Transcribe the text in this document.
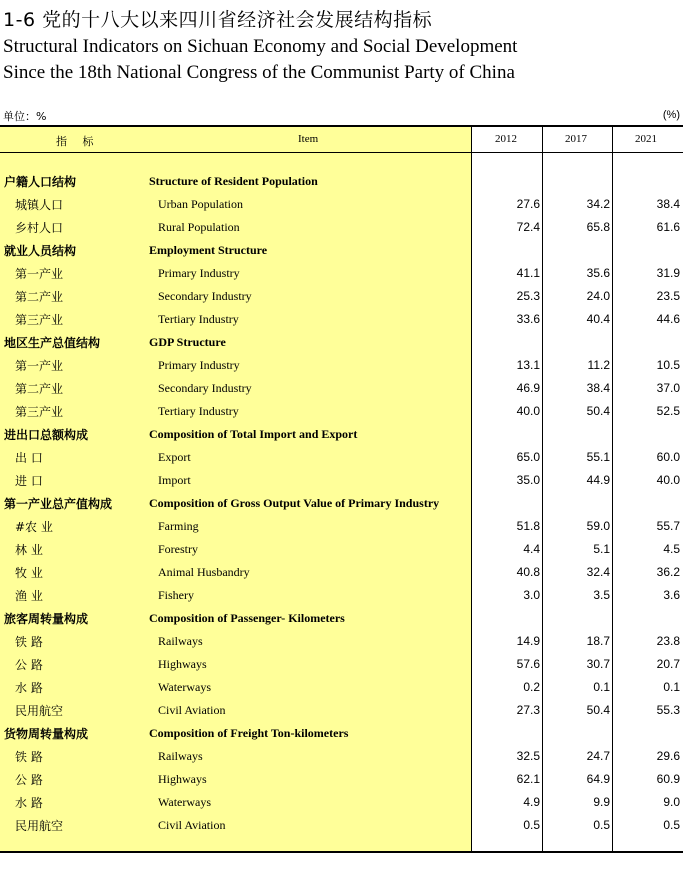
1-6 党的十八大以来四川省经济社会发展结构指标
Structural Indicators on Sichuan Economy and Social Development
Since the 18th National Congress of the Communist Party of China
单位：%	(%)
指 标	Item	2012	2017	2021
户籍人口结构	Structure of Resident Population
城镇人口	Urban Population	27.6	34.2	38.4
乡村人口	Rural Population	72.4	65.8	61.6
就业人员结构	Employment Structure
第一产业	Primary Industry	41.1	35.6	31.9
第二产业	Secondary Industry	25.3	24.0	23.5
第三产业	Tertiary Industry	33.6	40.4	44.6
地区生产总值结构	GDP Structure
第一产业	Primary Industry	13.1	11.2	10.5
第二产业	Secondary Industry	46.9	38.4	37.0
第三产业	Tertiary Industry	40.0	50.4	52.5
进出口总额构成	Composition of Total Import and Export
出 口	Export	65.0	55.1	60.0
进 口	Import	35.0	44.9	40.0
第一产业总产值构成	Composition of Gross Output Value of Primary Industry
#农 业	Farming	51.8	59.0	55.7
林 业	Forestry	4.4	5.1	4.5
牧 业	Animal Husbandry	40.8	32.4	36.2
渔 业	Fishery	3.0	3.5	3.6
旅客周转量构成	Composition of Passenger- Kilometers
铁 路	Railways	14.9	18.7	23.8
公 路	Highways	57.6	30.7	20.7
水 路	Waterways	0.2	0.1	0.1
民用航空	Civil Aviation	27.3	50.4	55.3
货物周转量构成	Composition of Freight Ton-kilometers
铁 路	Railways	32.5	24.7	29.6
公 路	Highways	62.1	64.9	60.9
水 路	Waterways	4.9	9.9	9.0
民用航空	Civil Aviation	0.5	0.5	0.5
